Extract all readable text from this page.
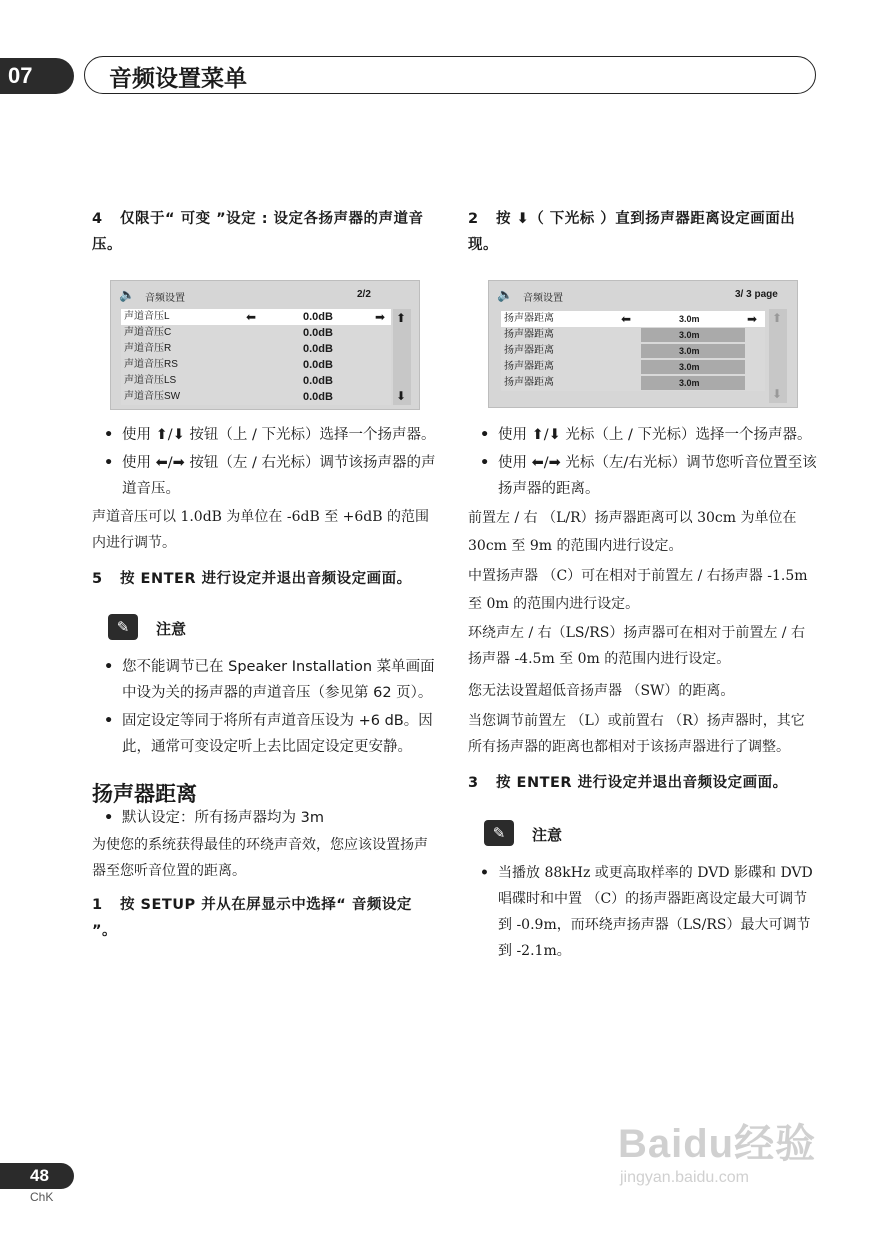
07	音频设置菜单

4 仅限于“ 可变 ”设定 : 设定各扬声器的声道音压。

🔈 音频设置	2/2
声道音压L	⬅	0.0dB	➡
声道音压C	0.0dB
声道音压R	0.0dB
声道音压RS	0.0dB
声道音压LS	0.0dB
声道音压SW	0.0dB
⬆
⬇

• 使用 ⬆/⬇ 按钮（上 / 下光标）选择一个扬声器。

• 使用 ⬅/➡ 按钮（左 / 右光标）调节该扬声器的声道音压。

声道音压可以 1.0dB 为单位在 -6dB 至 +6dB 的范围内进行调节。

5 按 ENTER 进行设定并退出音频设定画面。

✎	注意

• 您不能调节已在 Speaker Installation 菜单画面中设为关的扬声器的声道音压（参见第 62 页）。

• 固定设定等同于将所有声道音压设为 +6 dB。因此，通常可变设定听上去比固定设定更安静。

扬声器距离

• 默认设定：所有扬声器均为 3m

为使您的系统获得最佳的环绕声音效，您应该设置扬声器至您听音位置的距离。

1 按 SETUP 并从在屏显示中选择“ 音频设定 ”。

2 按 ⬇（ 下光标 ）直到扬声器距离设定画面出现。

🔈 音频设置	3/ 3 page
扬声器距离	⬅	3.0m	➡
扬声器距离	3.0m
扬声器距离	3.0m
扬声器距离	3.0m
扬声器距离	3.0m
⬆
⬇

• 使用 ⬆/⬇ 光标（上 / 下光标）选择一个扬声器。

• 使用 ⬅/➡ 光标（左/右光标）调节您听音位置至该扬声器的距离。

前置左 / 右 （L/R）扬声器距离可以 30cm 为单位在 30cm 至 9m 的范围内进行设定。

中置扬声器 （C）可在相对于前置左 / 右扬声器 -1.5m 至 0m 的范围内进行设定。

环绕声左 / 右（LS/RS）扬声器可在相对于前置左 / 右扬声器 -4.5m 至 0m 的范围内进行设定。

您无法设置超低音扬声器 （SW）的距离。

当您调节前置左 （L）或前置右 （R）扬声器时，其它所有扬声器的距离也都相对于该扬声器进行了调整。

3 按 ENTER 进行设定并退出音频设定画面。

✎	注意

• 当播放 88kHz 或更高取样率的 DVD 影碟和 DVD 唱碟时和中置 （C）的扬声器距离设定最大可调节到 -0.9m，而环绕声扬声器（LS/RS）最大可调节到 -2.1m。

48
ChK
Baidu经验
jingyan.baidu.com
